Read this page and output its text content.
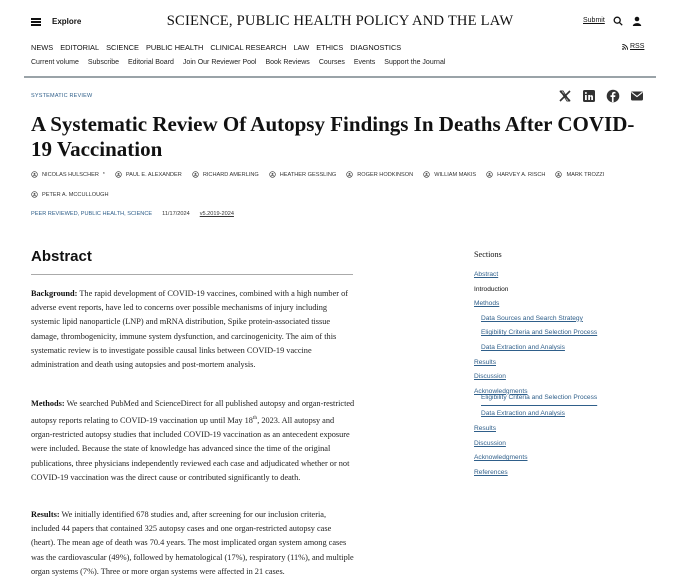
Explore	SCIENCE, PUBLIC HEALTH POLICY AND THE LAW	Submit
NEWS EDITORIAL SCIENCE PUBLIC HEALTH CLINICAL RESEARCH LAW ETHICS DIAGNOSTICS	RSS
Current volume Subscribe Editorial Board Join Our Reviewer Pool Book Reviews Courses Events Support the Journal
SYSTEMATIC REVIEW
A Systematic Review Of Autopsy Findings In Deaths After COVID-19 Vaccination
NICOLAS HULSCHER *	PAUL E. ALEXANDER	RICHARD AMERLING	HEATHER GESSLING	ROGER HODKINSON	WILLIAM MAKIS	HARVEY A. RISCH	MARK TROZZI
PETER A. MCCULLOUGH
PEER REVIEWED, PUBLIC HEALTH, SCIENCE 11/17/2024 v5.2019-2024
Abstract

Background: The rapid development of COVID-19 vaccines, combined with a high number of adverse event reports, have led to concerns over possible mechanisms of injury including systemic lipid nanoparticle (LNP) and mRNA distribution, Spike protein-associated tissue damage, thrombogenicity, immune system dysfunction, and carcinogenicity. The aim of this systematic review is to investigate possible causal links between COVID-19 vaccine administration and death using autopsies and post-mortem analysis.

Methods: We searched PubMed and ScienceDirect for all published autopsy and organ-restricted autopsy reports relating to COVID-19 vaccination up until May 18th, 2023. All autopsy and organ-restricted autopsy studies that included COVID-19 vaccination as an antecedent exposure were included. Because the state of knowledge has advanced since the time of the original publications, three physicians independently reviewed each case and adjudicated whether or not COVID-19 vaccination was the direct cause or contributed significantly to death.

Results: We initially identified 678 studies and, after screening for our inclusion criteria, included 44 papers that contained 325 autopsy cases and one organ-restricted autopsy case (heart). The mean age of death was 70.4 years. The most implicated organ system among cases was the cardiovascular (49%), followed by hematological (17%), respiratory (11%), and multiple organ systems (7%). Three or more organ systems were affected in 21 cases.

Sections
Abstract
Introduction
Methods
Data Sources and Search Strategy
Eligibility Criteria and Selection Process
Data Extraction and Analysis
Results
Discussion
Acknowledgments
Eligibility Criteria and Selection Process
Data Extraction and Analysis
Results
Discussion
Acknowledgments
References
